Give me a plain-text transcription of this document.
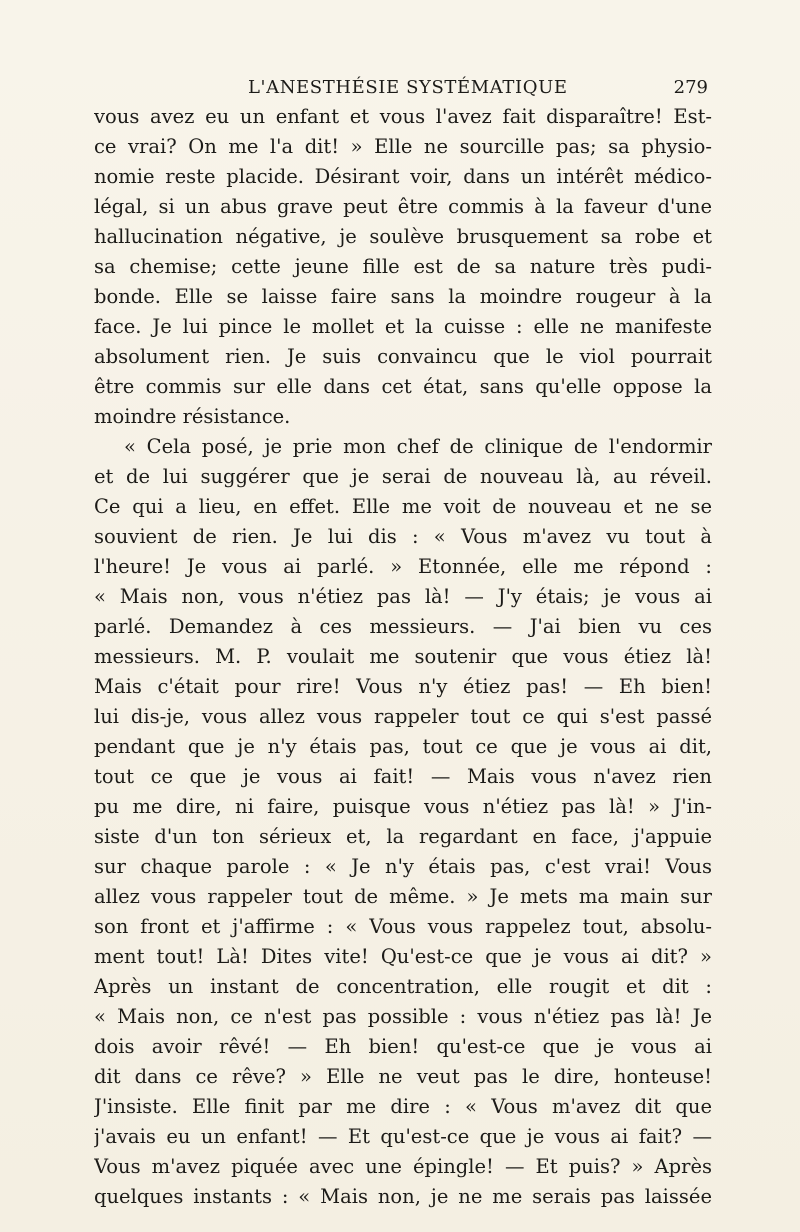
L'ANESTHÉSIE SYSTÉMATIQUE	279
vous avez eu un enfant et vous l'avez fait disparaître! Est-
ce vrai? On me l'a dit! » Elle ne sourcille pas; sa physio-
nomie reste placide. Désirant voir, dans un intérêt médico-
légal, si un abus grave peut être commis à la faveur d'une
hallucination négative, je soulève brusquement sa robe et
sa chemise; cette jeune fille est de sa nature très pudi-
bonde. Elle se laisse faire sans la moindre rougeur à la
face. Je lui pince le mollet et la cuisse : elle ne manifeste
absolument rien. Je suis convaincu que le viol pourrait
être commis sur elle dans cet état, sans qu'elle oppose la
moindre résistance.
« Cela posé, je prie mon chef de clinique de l'endormir
et de lui suggérer que je serai de nouveau là, au réveil.
Ce qui a lieu, en effet. Elle me voit de nouveau et ne se
souvient de rien. Je lui dis : « Vous m'avez vu tout à
l'heure! Je vous ai parlé. » Etonnée, elle me répond :
« Mais non, vous n'étiez pas là! — J'y étais; je vous ai
parlé. Demandez à ces messieurs. — J'ai bien vu ces
messieurs. M. P. voulait me soutenir que vous étiez là!
Mais c'était pour rire! Vous n'y étiez pas! — Eh bien!
lui dis-je, vous allez vous rappeler tout ce qui s'est passé
pendant que je n'y étais pas, tout ce que je vous ai dit,
tout ce que je vous ai fait! — Mais vous n'avez rien
pu me dire, ni faire, puisque vous n'étiez pas là! » J'in-
siste d'un ton sérieux et, la regardant en face, j'appuie
sur chaque parole : « Je n'y étais pas, c'est vrai! Vous
allez vous rappeler tout de même. » Je mets ma main sur
son front et j'affirme : « Vous vous rappelez tout, absolu-
ment tout! Là! Dites vite! Qu'est-ce que je vous ai dit? »
Après un instant de concentration, elle rougit et dit :
« Mais non, ce n'est pas possible : vous n'étiez pas là! Je
dois avoir rêvé! — Eh bien! qu'est-ce que je vous ai
dit dans ce rêve? » Elle ne veut pas le dire, honteuse!
J'insiste. Elle finit par me dire : « Vous m'avez dit que
j'avais eu un enfant! — Et qu'est-ce que je vous ai fait? —
Vous m'avez piquée avec une épingle! — Et puis? » Après
quelques instants : « Mais non, je ne me serais pas laissée
